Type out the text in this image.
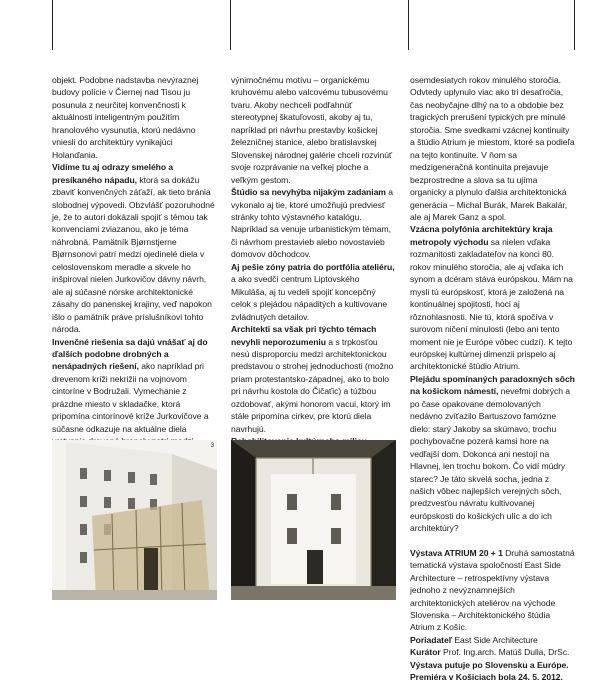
objekt. Podobne nadstavba nevýraznej budovy polície v Čiernej nad Tisou ju posunula z neurčitej konvenčnosti k aktuálnosti inteligentným použitím hranolového vysunutia, ktorú nedávno vniesli do architektúry vynikajúci Holanďania.

Vidíme tu aj odrazy smelého a presíkaného nápadu, ktorá sa dokážu zbaviť konvenčných záťaží, ak tieto bránia slobodnej výpovedi. Obzvlášť pozoruhodné je, že to autori dokázali spojiť s témou tak konvenciami zviazanou, ako je téma náhrobná. Pamätník Bjørnstjerne Bjørnsonovi patrí medzi ojedinelé diela v celoslovenskom meradle a skvele ho inšpiroval nielen Jurkovičov dávny návrh, ale aj súčasné nórske architektonické zásahy do panenskej krajiny, veď napokon išlo o pamätník práve príslušníkovi tohto národa.

Invenčné riešenia sa dajú vnášať aj do ďalších podobne drobných a nenápadných riešení, ako napríklad pri drevenom kríži nekrižii na vojnovom cintoríne v Bodružali. Vymechanie z prázdne miesto v skladačke, ktorá pripomína cintorínové kríže Jurkovičove a súčasne odkazuje na aktuálne diela

výnimočnému motívu – organickému kruhovému alebo valcovému tubusovému tvaru. Akoby nechceli podľahnúť stereotypnej škatuľovosti, akoby aj tu, napríklad pri návrhu prestavby košickej železničnej stanice, alebo bratislavskej Slovenskej národnej galérie chceli rozvinúť svoje rozprávanie na veľkej ploche a veľkým gestom.

Štúdio sa nevyhýba nijakým zadaniam a vykonalo aj tie, ktoré umožňujú predviesť stránky tohto výstavného katalógu. Napríklad sa venuje urbanistickým témam, či návrhom prestavieb alebo novostavieb domovov dôchodcov.

Aj pešie zóny patria do portfólia ateliéru, a ako svedčí centrum Liptovského Mikuláša, aj tu vedeli spojiť koncepčný celok s plejádou nápaditých a kultivovane zvládnutých detailov.

Architekti sa však pri týchto témach nevyhli neporozumeniu a s trpkosťou nesú disproporciu medzi architektonickou predstavou o strohej jednoduchosti (možno priam protestantsko-západnej, ako to bolo pri návrhu kostola do Čičaťic) a túžbou ozdobovať, akými honorom vacui, ktorý im stále pripomína cirkev, pre ktorú diela navrhujú.

osemdesiatych rokov minulého storočia. Odvtedy uplynulo viac ako tri desaťročia, čas neobyčajne dlhý na to a obdobie bez tragických prerušení typických pre minulé storočia. Sme svedkami vzácnej kontinuity a štúdio Atrium je miestom, ktoré sa podieľa na tejto kontinuite. V ňom sa medzigeneračná kontinuita prejavuje bezprostredne a slova sa tu ujíma organicky a plynulo ďalšia architektonická generácia – Michal Burák, Marek Bakalár, ale aj Marek Ganz a spol.

Vzácna polyfónia architektúry kraja metropoly východu sa nielen vďaka rozmanitosti zakladateľov na konci 80. rokov minulého storočia, ale aj vďaka ich synom a dcéram stáva európskou. Mám na mysli tú európskosť, ktorá je založená na kontinuálnej spojitosti, hoci aj rôznohlasnosti. Nie tú, ktorá spočíva v surovom ničení minulosti (lebo ani tento moment nie je Európe vôbec cudzí). K tejto európskej kultúrnej dimenzii prispelo aj architektonické štúdio Atrium.

Plejádu spomínaných paradoxných sôch na košickom námestí, nevefmi dobrých a po čase opakovane demolovaných nedávno zvíťazilo Bartuszovo famózne dielo: starý Jakoby sa skúmavo, trochu pochybovačne pozerá kamsi hore na vedľajší dom. Dokonca ani nestojí na Hlavnej, len trochu bokom. Čo vidí múdry starec? Je táto skvelá socha, jedna z našich vôbec najlepších verejných sôch, predzvesťou návratu kultivovanej európskosti do košických ulíc a do ich architektúry?

Výstava ATRIUM 20 + 1 Druhá samostatná tematická výstava spoločnosti East Side Architecture – retrospektívny výstava jednoho z nevýznamnejších architektonických ateliérov na východe Slovenska – Architektonického štúdia Atrium z Košíc.

Poriadateľ East Side Architecture

Kurátor Prof. Ing.arch. Matúš Dulla, DrSc.

Výstava putuje po Slovensku a Európe. Premiéra v Košiciach bola 24. 5. 2012.

3	4
